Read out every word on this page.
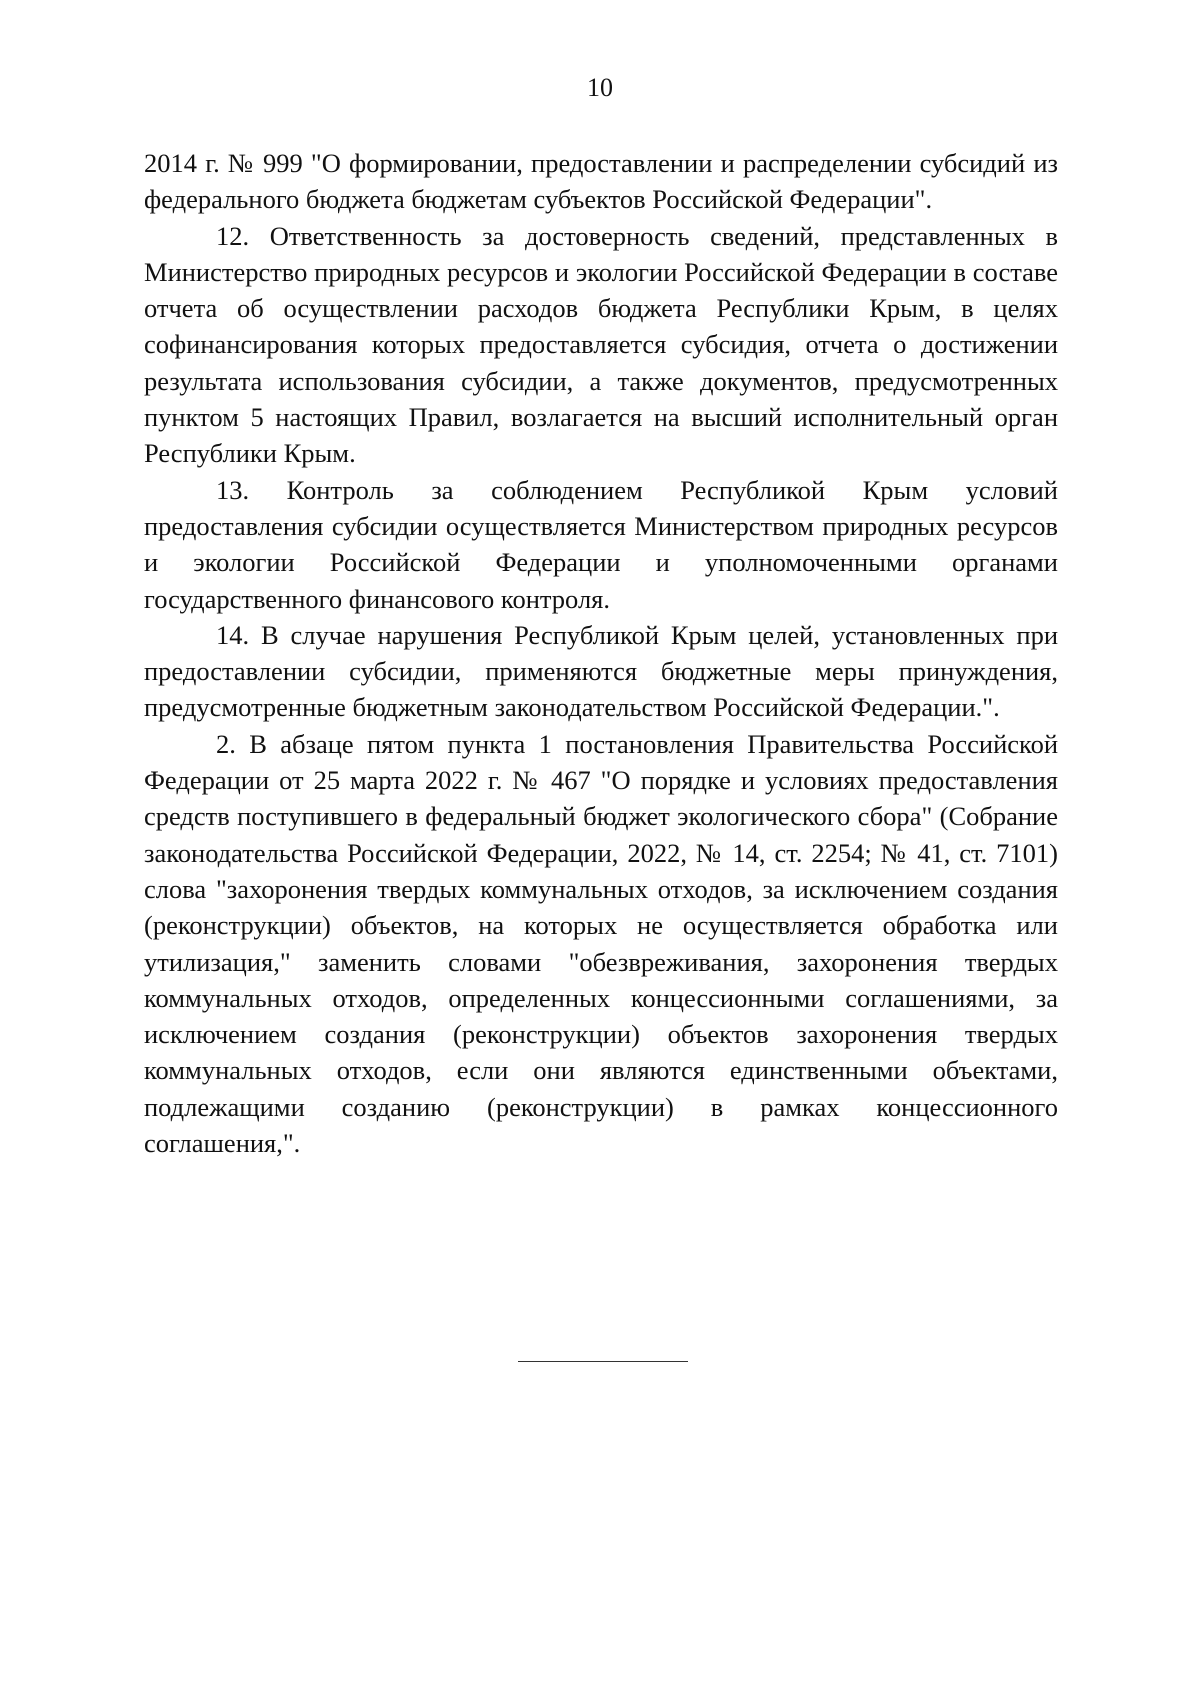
10

2014 г. № 999 "О формировании, предоставлении и распределении субсидий из федерального бюджета бюджетам субъектов Российской Федерации".

12. Ответственность за достоверность сведений, представленных в Министерство природных ресурсов и экологии Российской Федерации в составе отчета об осуществлении расходов бюджета Республики Крым, в целях софинансирования которых предоставляется субсидия, отчета о достижении результата использования субсидии, а также документов, предусмотренных пунктом 5 настоящих Правил, возлагается на высший исполнительный орган Республики Крым.

13. Контроль за соблюдением Республикой Крым условий предоставления субсидии осуществляется Министерством природных ресурсов и экологии Российской Федерации и уполномоченными органами государственного финансового контроля.

14. В случае нарушения Республикой Крым целей, установленных при предоставлении субсидии, применяются бюджетные меры принуждения, предусмотренные бюджетным законодательством Российской Федерации.".

2. В абзаце пятом пункта 1 постановления Правительства Российской Федерации от 25 марта 2022 г. № 467 "О порядке и условиях предоставления средств поступившего в федеральный бюджет экологического сбора" (Собрание законодательства Российской Федерации, 2022, № 14, ст. 2254; № 41, ст. 7101) слова "захоронения твердых коммунальных отходов, за исключением создания (реконструкции) объектов, на которых не осуществляется обработка или утилизация," заменить словами "обезвреживания, захоронения твердых коммунальных отходов, определенных концессионными соглашениями, за исключением создания (реконструкции) объектов захоронения твердых коммунальных отходов, если они являются единственными объектами, подлежащими созданию (реконструкции) в рамках концессионного соглашения,".
